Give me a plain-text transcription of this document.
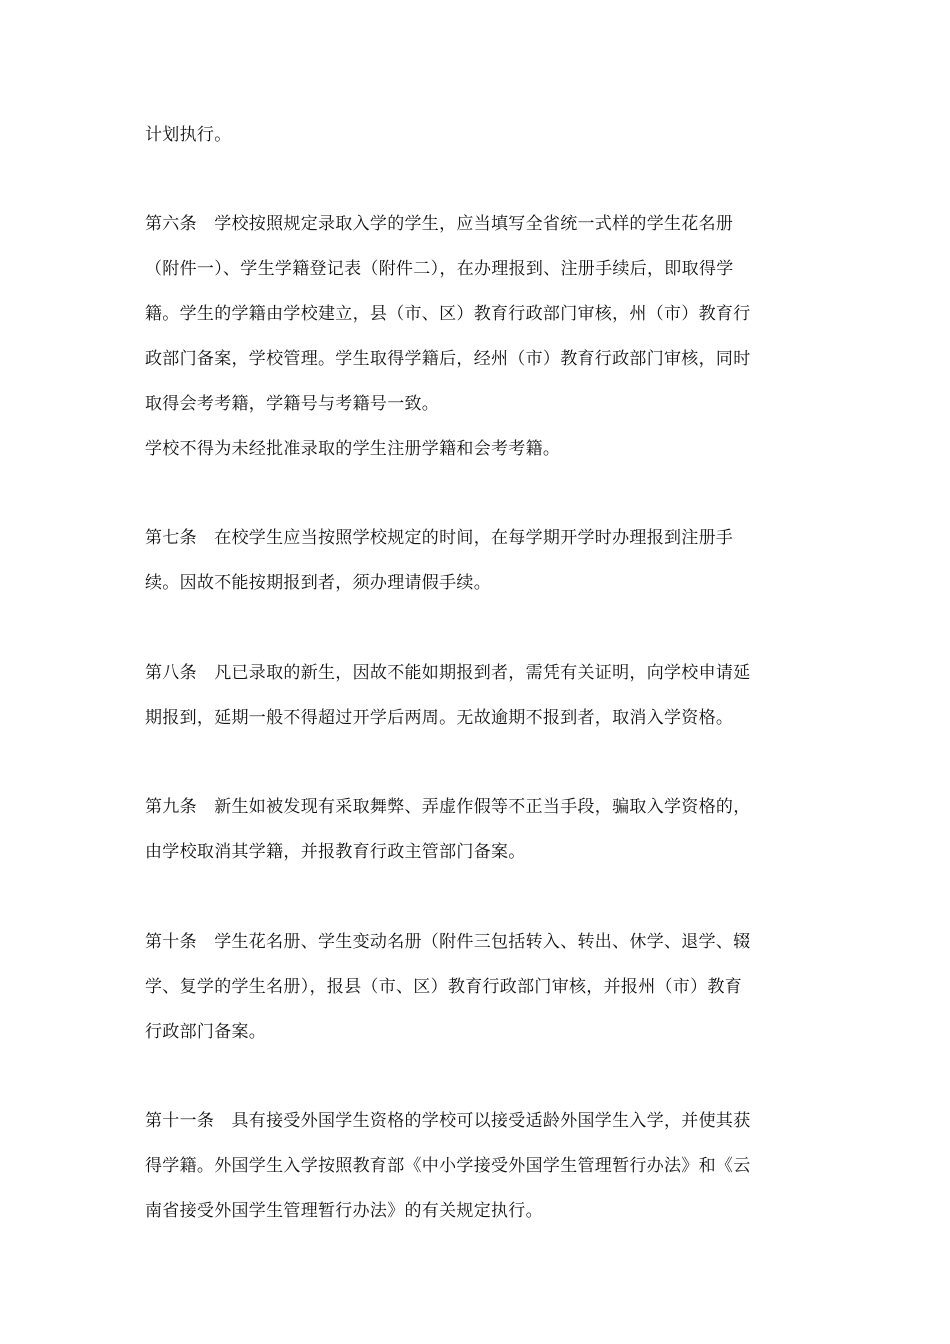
计划执行。
第六条　学校按照规定录取入学的学生，应当填写全省统一式样的学生花名册
（附件一）、学生学籍登记表（附件二），在办理报到、注册手续后，即取得学
籍。学生的学籍由学校建立，县（市、区）教育行政部门审核，州（市）教育行
政部门备案，学校管理。学生取得学籍后，经州（市）教育行政部门审核，同时
取得会考考籍，学籍号与考籍号一致。
学校不得为未经批准录取的学生注册学籍和会考考籍。
第七条　在校学生应当按照学校规定的时间，在每学期开学时办理报到注册手
续。因故不能按期报到者，须办理请假手续。
第八条　凡已录取的新生，因故不能如期报到者，需凭有关证明，向学校申请延
期报到，延期一般不得超过开学后两周。无故逾期不报到者，取消入学资格。
第九条　新生如被发现有采取舞弊、弄虚作假等不正当手段，骗取入学资格的，
由学校取消其学籍，并报教育行政主管部门备案。
第十条　学生花名册、学生变动名册（附件三包括转入、转出、休学、退学、辍
学、复学的学生名册），报县（市、区）教育行政部门审核，并报州（市）教育
行政部门备案。
第十一条　具有接受外国学生资格的学校可以接受适龄外国学生入学，并使其获
得学籍。外国学生入学按照教育部《中小学接受外国学生管理暂行办法》和《云
南省接受外国学生管理暂行办法》的有关规定执行。
